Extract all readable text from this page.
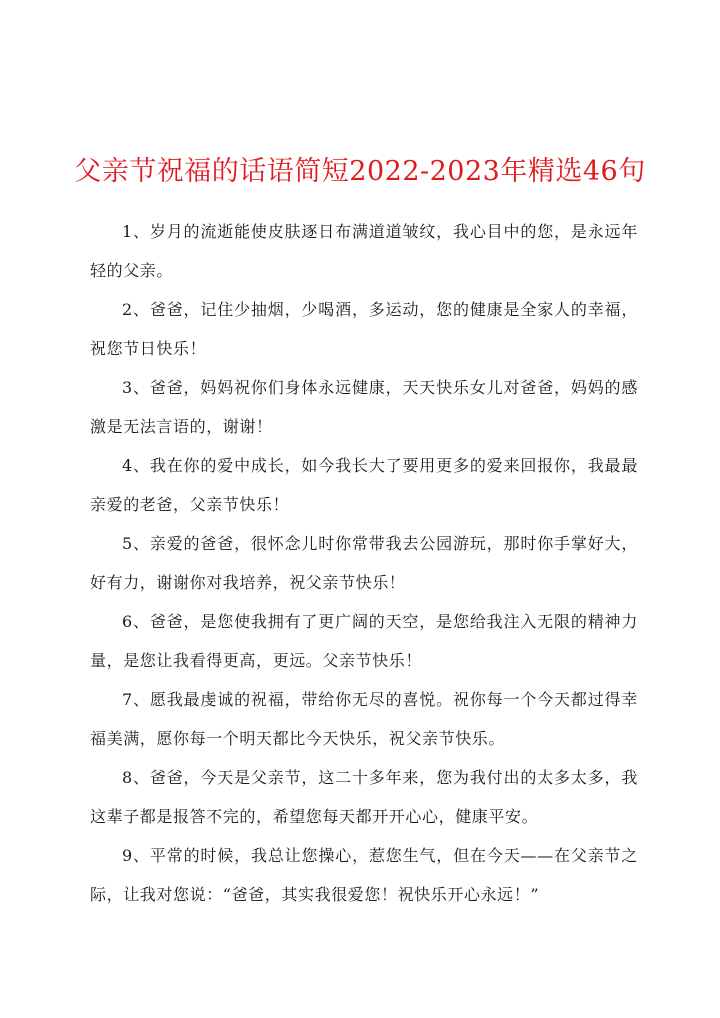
父亲节祝福的话语简短2022-2023年精选46句

1、岁月的流逝能使皮肤逐日布满道道皱纹，我心目中的您，是永远年轻的父亲。

2、爸爸，记住少抽烟，少喝酒，多运动，您的健康是全家人的幸福，祝您节日快乐！

3、爸爸，妈妈祝你们身体永远健康，天天快乐女儿对爸爸，妈妈的感激是无法言语的，谢谢！

4、我在你的爱中成长，如今我长大了要用更多的爱来回报你，我最最亲爱的老爸，父亲节快乐！

5、亲爱的爸爸，很怀念儿时你常带我去公园游玩，那时你手掌好大，好有力，谢谢你对我培养，祝父亲节快乐！

6、爸爸，是您使我拥有了更广阔的天空，是您给我注入无限的精神力量，是您让我看得更高，更远。父亲节快乐！

7、愿我最虔诚的祝福，带给你无尽的喜悦。祝你每一个今天都过得幸福美满，愿你每一个明天都比今天快乐，祝父亲节快乐。

8、爸爸，今天是父亲节，这二十多年来，您为我付出的太多太多，我这辈子都是报答不完的，希望您每天都开开心心，健康平安。

9、平常的时候，我总让您操心，惹您生气，但在今天——在父亲节之际，让我对您说：“爸爸，其实我很爱您！祝快乐开心永远！”
